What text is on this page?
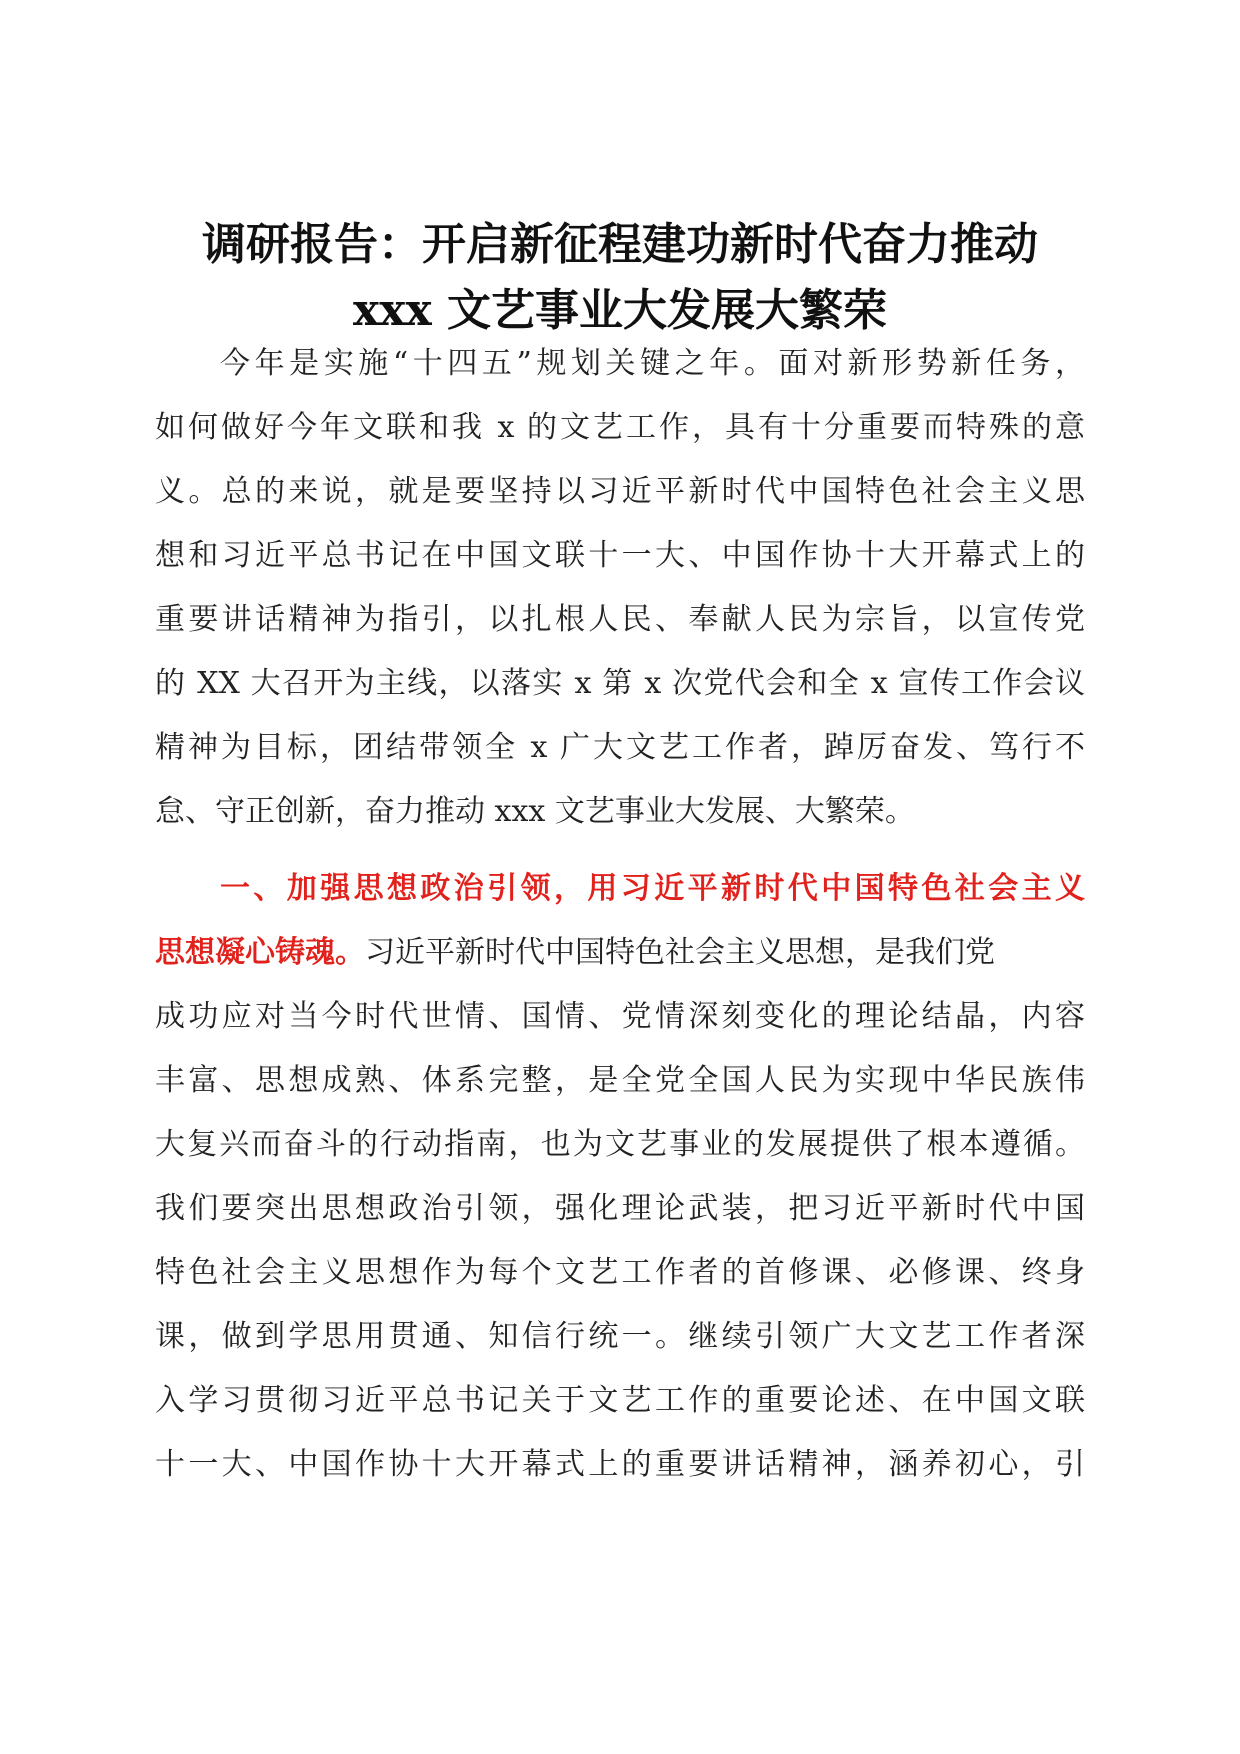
调研报告：开启新征程建功新时代奋力推动
xxx 文艺事业大发展大繁荣
今年是实施“十四五”规划关键之年。面对新形势新任务，
如何做好今年文联和我 x 的文艺工作，具有十分重要而特殊的意
义。总的来说，就是要坚持以习近平新时代中国特色社会主义思
想和习近平总书记在中国文联十一大、中国作协十大开幕式上的
重要讲话精神为指引，以扎根人民、奉献人民为宗旨，以宣传党
的 XX 大召开为主线，以落实 x 第 x 次党代会和全 x 宣传工作会议
精神为目标，团结带领全 x 广大文艺工作者，踔厉奋发、笃行不
怠、守正创新，奋力推动 xxx 文艺事业大发展、大繁荣。
一、加强思想政治引领，用习近平新时代中国特色社会主义
思想凝心铸魂。习近平新时代中国特色社会主义思想，是我们党
成功应对当今时代世情、国情、党情深刻变化的理论结晶，内容
丰富、思想成熟、体系完整，是全党全国人民为实现中华民族伟
大复兴而奋斗的行动指南，也为文艺事业的发展提供了根本遵循。
我们要突出思想政治引领，强化理论武装，把习近平新时代中国
特色社会主义思想作为每个文艺工作者的首修课、必修课、终身
课，做到学思用贯通、知信行统一。继续引领广大文艺工作者深
入学习贯彻习近平总书记关于文艺工作的重要论述、在中国文联
十一大、中国作协十大开幕式上的重要讲话精神，涵养初心，引
